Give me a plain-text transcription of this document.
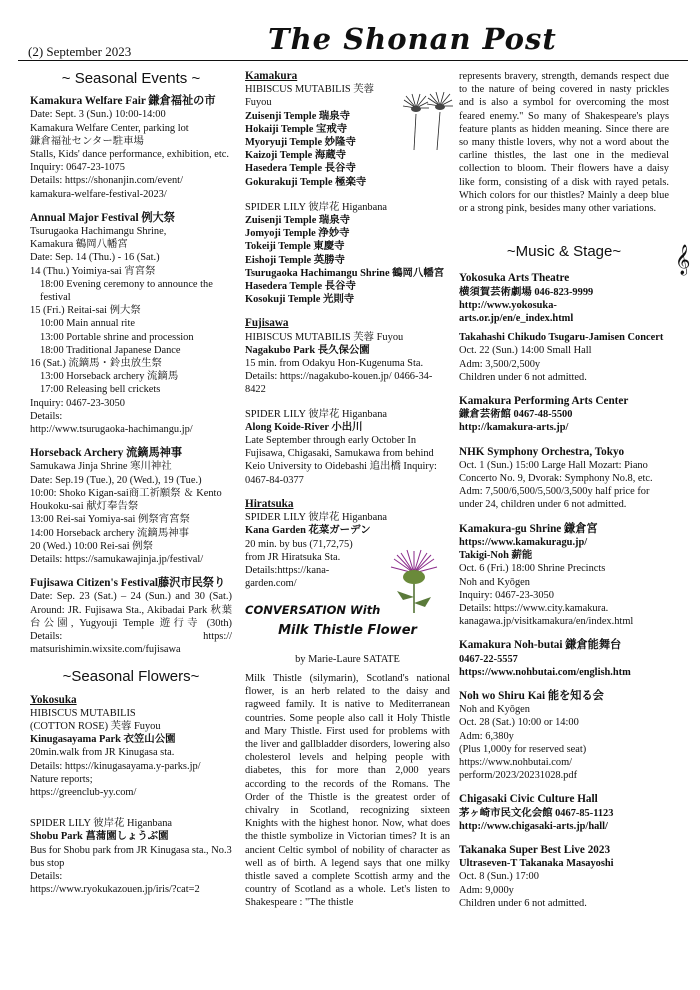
(2) September 2023	The Shonan Post
~ Seasonal Events ~
Kamakura Welfare Fair 鎌倉福祉の市
Date: Sept. 3 (Sun.) 10:00-14:00
Kamakura Welfare Center, parking lot
鎌倉福祉センター駐車場
Stalls, Kids' dance performance, exhibition, etc.
Inquiry: 0647-23-1075
Details: https://shonanjin.com/event/
kamakura-welfare-festival-2023/
Annual Major Festival 例大祭
Tsurugaoka Hachimangu Shrine,
Kamakura 鶴岡八幡宮
Date: Sep. 14 (Thu.) - 16 (Sat.)
14 (Thu.) Yoimiya-sai 宵宮祭
18:00 Evening ceremony to announce the festival
15 (Fri.) Reitai-sai 例大祭
10:00 Main annual rite
13:00 Portable shrine and procession
18:00 Traditional Japanese Dance
16 (Sat.) 流鏑馬・鈴虫放生祭
13:00 Horseback archery 流鏑馬
17:00 Releasing bell crickets
Inquiry: 0467-23-3050
Details:
http://www.tsurugaoka-hachimangu.jp/
Horseback Archery 流鏑馬神事
Samukawa Jinja Shrine 寒川神社
Date: Sep.19 (Tue.), 20 (Wed.), 19 (Tue.)
10:00: Shoko Kigan-sai商工祈願祭 ＆ Kento Houkoku-sai 献灯奉告祭
13:00 Rei-sai Yomiya-sai 例祭宵宮祭
14:00 Horseback archery 流鏑馬神事
20 (Wed.) 10:00 Rei-sai 例祭
Details: https://samukawajinja.jp/festival/
Fujisawa Citizen's Festival藤沢市民祭り
Date: Sep. 23 (Sat.) – 24 (Sun.) and 30 (Sat.) Around: JR. Fujisawa Sta., Akibadai Park 秋葉台公園, Yugyouji Temple 遊行寺 (30th) Details: https:// matsurishimin.wixsite.com/fujisawa
~Seasonal Flowers~
Yokosuka
HIBISCUS MUTABILIS
(COTTON ROSE) 芙蓉 Fuyou
Kinugasayama Park 衣笠山公園
20min.walk from JR Kinugasa sta.
Details: https://kinugasayama.y-parks.jp/
Nature reports;
https://greenclub-yy.com/
SPIDER LILY 彼岸花 Higanbana
Shobu Park 菖蒲園しょうぶ園
Bus for Shobu park from JR Kinugasa sta., No.3 bus stop
Details:
https://www.ryokukazouen.jp/iris/?cat=2
Kamakura
HIBISCUS MUTABILIS 芙蓉 Fuyou
Zuisenji Temple 瑞泉寺
Hokaiji Temple 宝戒寺
Myoryuji Temple 妙隆寺
Kaizoji Temple 海蔵寺
Hasedera Temple 長谷寺
Gokurakuji Temple 極楽寺
SPIDER LILY 彼岸花 Higanbana
Zuisenji Temple 瑞泉寺
Jomyoji Temple 浄妙寺
Tokeiji Temple 東慶寺
Eishoji Temple 英勝寺
Tsurugaoka Hachimangu Shrine 鶴岡八幡宮
Hasedera Temple 長谷寺
Kosokuji Temple 光則寺
Fujisawa
HIBISCUS MUTABILIS 芙蓉 Fuyou
Nagakubo Park 長久保公園
15 min. from Odakyu Hon-Kugenuma Sta. Details: https://nagakubo-kouen.jp/ 0466-34-8422
SPIDER LILY 彼岸花 Higanbana
Along Koide-River 小出川
Late September through early October In Fujisawa, Chigasaki, Samukawa from behind Keio University to Oidebashi 追出橋 Inquiry: 0467-84-0377
Hiratsuka
SPIDER LILY 彼岸花 Higanbana
Kana Garden 花菜ガーデン
20 min. by bus (71,72,75)
from JR Hiratsuka Sta.
Details:https://kana-
garden.com/
CONVERSATION With
Milk Thistle Flower
by Marie-Laure SATATE
Milk Thistle (silymarin), Scotland's national flower, is an herb related to the daisy and ragweed family. It is native to Mediterranean countries. Some people also call it Holy Thistle and Mary Thistle. First used for problems with the liver and gallbladder disorders, lowering also cholesterol levels and helping people with diabetes, this for more than 2,000 years according to the records of the Romans. The Order of the Thistle is the greatest order of chivalry in Scotland, recognizing sixteen Knights with the highest honor. Now, what does the thistle symbolize in Victorian times? It is an ancient Celtic symbol of nobility of character as well as of birth. A legend says that one milky thistle saved a complete Scottish army and the country of Scotland as a whole. Let's listen to Shakespeare : "The thistle
represents bravery, strength, demands respect due to the nature of being covered in nasty prickles and is also a symbol for overcoming the most feared enemy." So many of Shakespeare's plays feature plants as hidden meaning. Since there are so many thistle lovers, why not a word about the carline thistles, the last one in the medieval collection to bloom. Their flowers have a daisy like form, consisting of a disk with rayed petals. Which colors for our thistles? Mainly a deep blue or a strong pink, besides many other variations.
~Music & Stage~
Yokosuka Arts Theatre
横須賀芸術劇場 046-823-9999
http://www.yokosuka-arts.or.jp/en/e_index.html
Takahashi Chikudo Tsugaru-Jamisen Concert
Oct. 22 (Sun.) 14:00 Small Hall
Adm: 3,500/2,500y
Children under 6 not admitted.
Kamakura Performing Arts Center
鎌倉芸術館 0467-48-5500
http://kamakura-arts.jp/
NHK Symphony Orchestra, Tokyo
Oct. 1 (Sun.) 15:00 Large Hall Mozart: Piano Concerto No. 9, Dvorak: Symphony No.8, etc. Adm: 7,500/6,500/5,500/3,500y half price for under 24, children under 6 not admitted.
Kamakura-gu Shrine 鎌倉宮
https://www.kamakuragu.jp/
Takigi-Noh 薪能
Oct. 6 (Fri.) 18:00 Shrine Precincts
Noh and Kyōgen
Inquiry: 0467-23-3050
Details: https://www.city.kamakura.
kanagawa.jp/visitkamakura/en/index.html
Kamakura Noh-butai 鎌倉能舞台
0467-22-5557
https://www.nohbutai.com/english.htm
Noh wo Shiru Kai 能を知る会
Noh and Kyōgen
Oct. 28 (Sat.) 10:00 or 14:00
Adm: 6,380y
(Plus 1,000y for reserved seat)
https://www.nohbutai.com/
perform/2023/20231028.pdf
Chigasaki Civic Culture Hall
茅ヶ崎市民文化会館 0467-85-1123
http://www.chigasaki-arts.jp/hall/
Takanaka Super Best Live 2023
Ultraseven-T Takanaka Masayoshi
Oct. 8 (Sun.) 17:00
Adm: 9,000y
Children under 6 not admitted.
𝄞
